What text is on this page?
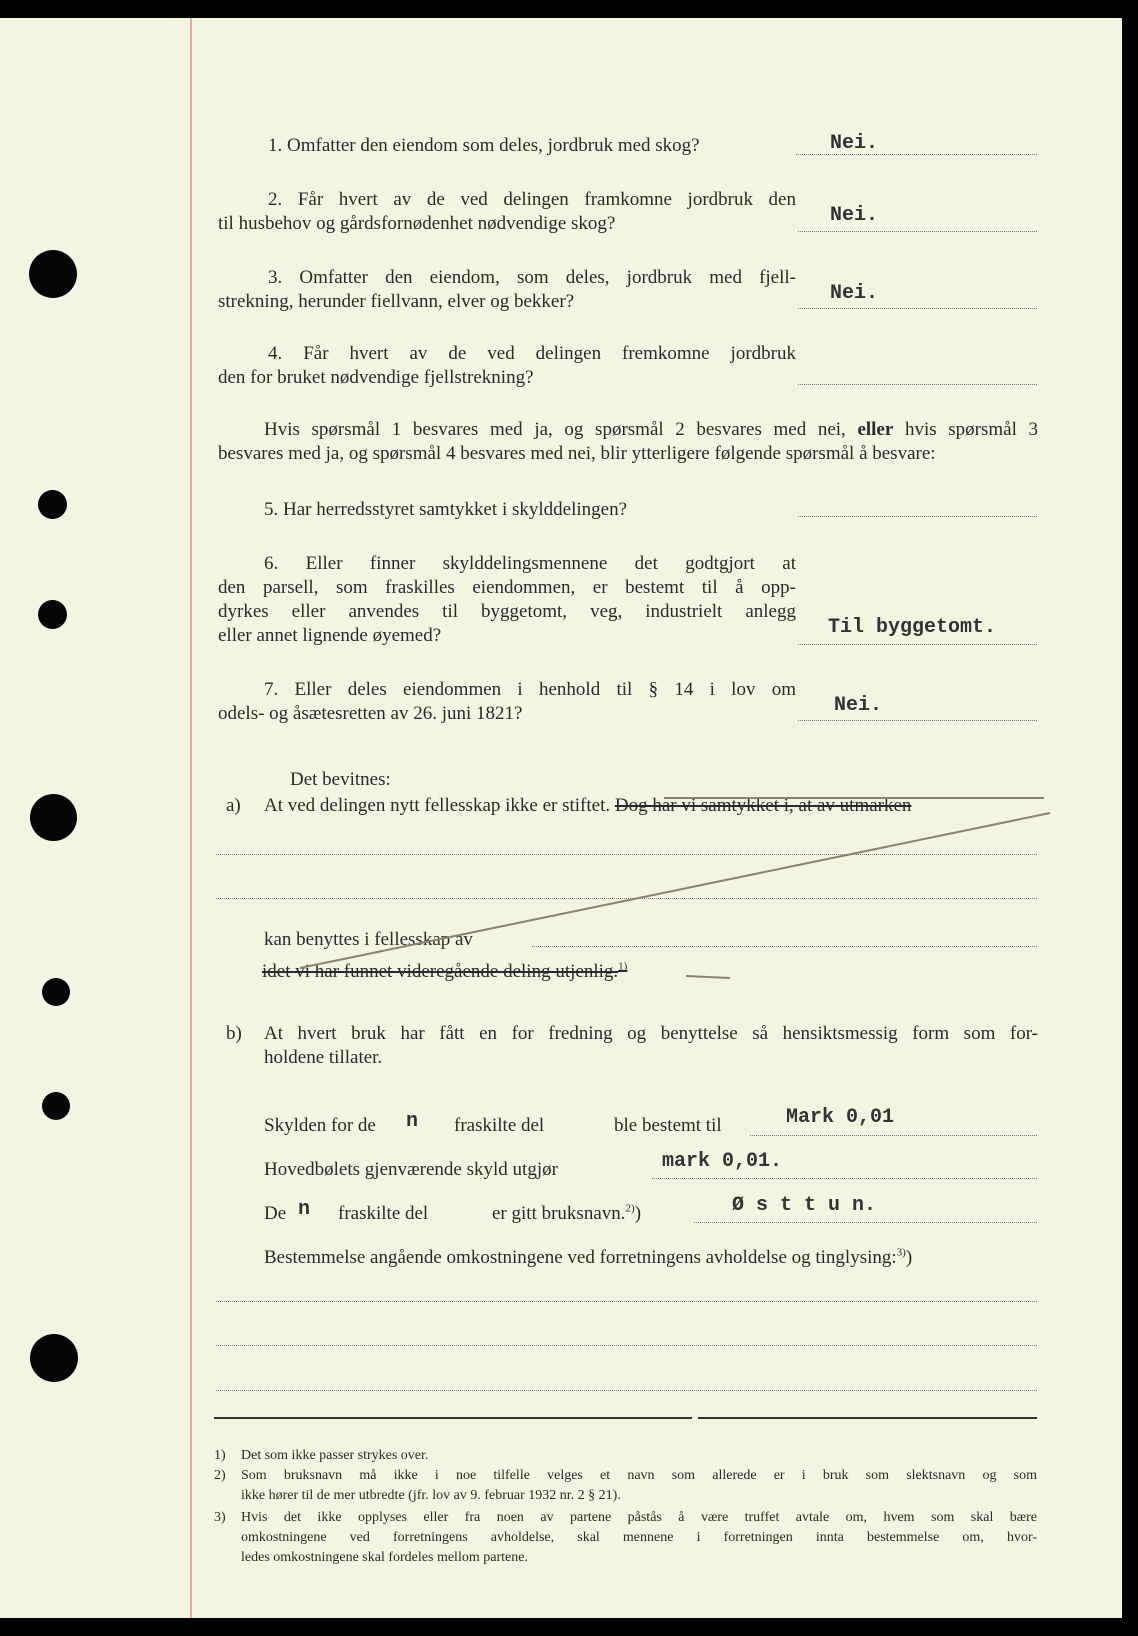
1. Omfatter den eiendom som deles, jordbruk med skog?	Nei.
2. Får hvert av de ved delingen framkomne jordbruk den
til husbehov og gårdsfornødenhet nødvendige skog?	Nei.
3. Omfatter den eiendom, som deles, jordbruk med fjell-
strekning, herunder fiellvann, elver og bekker?	Nei.
4. Får hvert av de ved delingen fremkomne jordbruk
den for bruket nødvendige fjellstrekning?
Hvis spørsmål 1 besvares med ja, og spørsmål 2 besvares med nei, eller hvis spørsmål 3
besvares med ja, og spørsmål 4 besvares med nei, blir ytterligere følgende spørsmål å besvare:
5. Har herredsstyret samtykket i skylddelingen?
6. Eller finner skylddelingsmennene det godtgjort at
den parsell, som fraskilles eiendommen, er bestemt til å opp-
dyrkes eller anvendes til byggetomt, veg, industrielt anlegg
eller annet lignende øyemed?	Til byggetomt.
7. Eller deles eiendommen i henhold til § 14 i lov om
odels- og åsætesretten av 26. juni 1821?	Nei.
Det bevitnes:
a) At ved delingen nytt fellesskap ikke er stiftet. Dog har vi samtykket i, at av utmarken
kan benyttes i fellesskap av
idet vi har funnet videregående deling utjenlig.$^{1)}$
b) At hvert bruk har fått en for fredning og benyttelse så hensiktsmessig form som for-
holdene tillater.
Skylden for de n fraskilte del	ble bestemt til	Mark 0,01
Hovedbølets gjenværende skyld utgjør	mark 0,01.
De n fraskilte del	er gitt bruksnavn.$^{2)}$)	Ø s t t u n.
Bestemmelse angående omkostningene ved forretningens avholdelse og tinglysing:$^{3)}$)
1) Det som ikke passer strykes over.
2) Som bruksnavn må ikke i noe tilfelle velges et navn som allerede er i bruk som slektsnavn og som
ikke hører til de mer utbredte (jfr. lov av 9. februar 1932 nr. 2 § 21).
3) Hvis det ikke opplyses eller fra noen av partene påstås å være truffet avtale om, hvem som skal bære
omkostningene ved forretningens avholdelse, skal mennene i forretningen innta bestemmelse om, hvor-
ledes omkostningene skal fordeles mellom partene.
